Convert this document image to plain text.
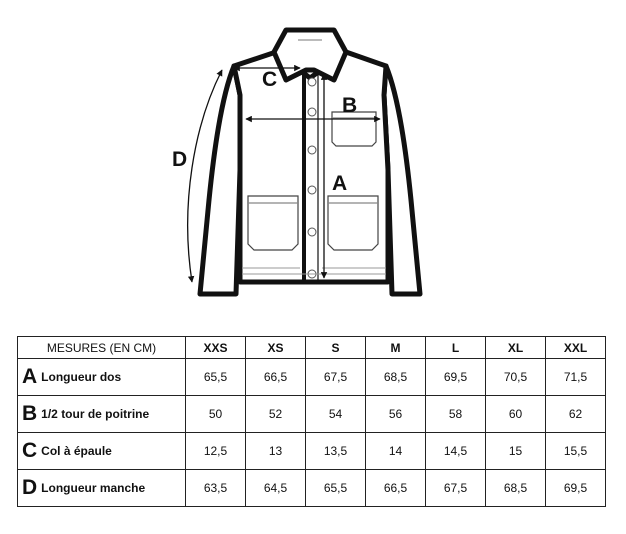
C
B
A
D
MESURES (EN CM)	XXS	XS	S	M	L	XL	XXL
A Longueur dos	65,5	66,5	67,5	68,5	69,5	70,5	71,5
B 1/2 tour de poitrine	50	52	54	56	58	60	62
C Col à épaule	12,5	13	13,5	14	14,5	15	15,5
D Longueur manche	63,5	64,5	65,5	66,5	67,5	68,5	69,5
